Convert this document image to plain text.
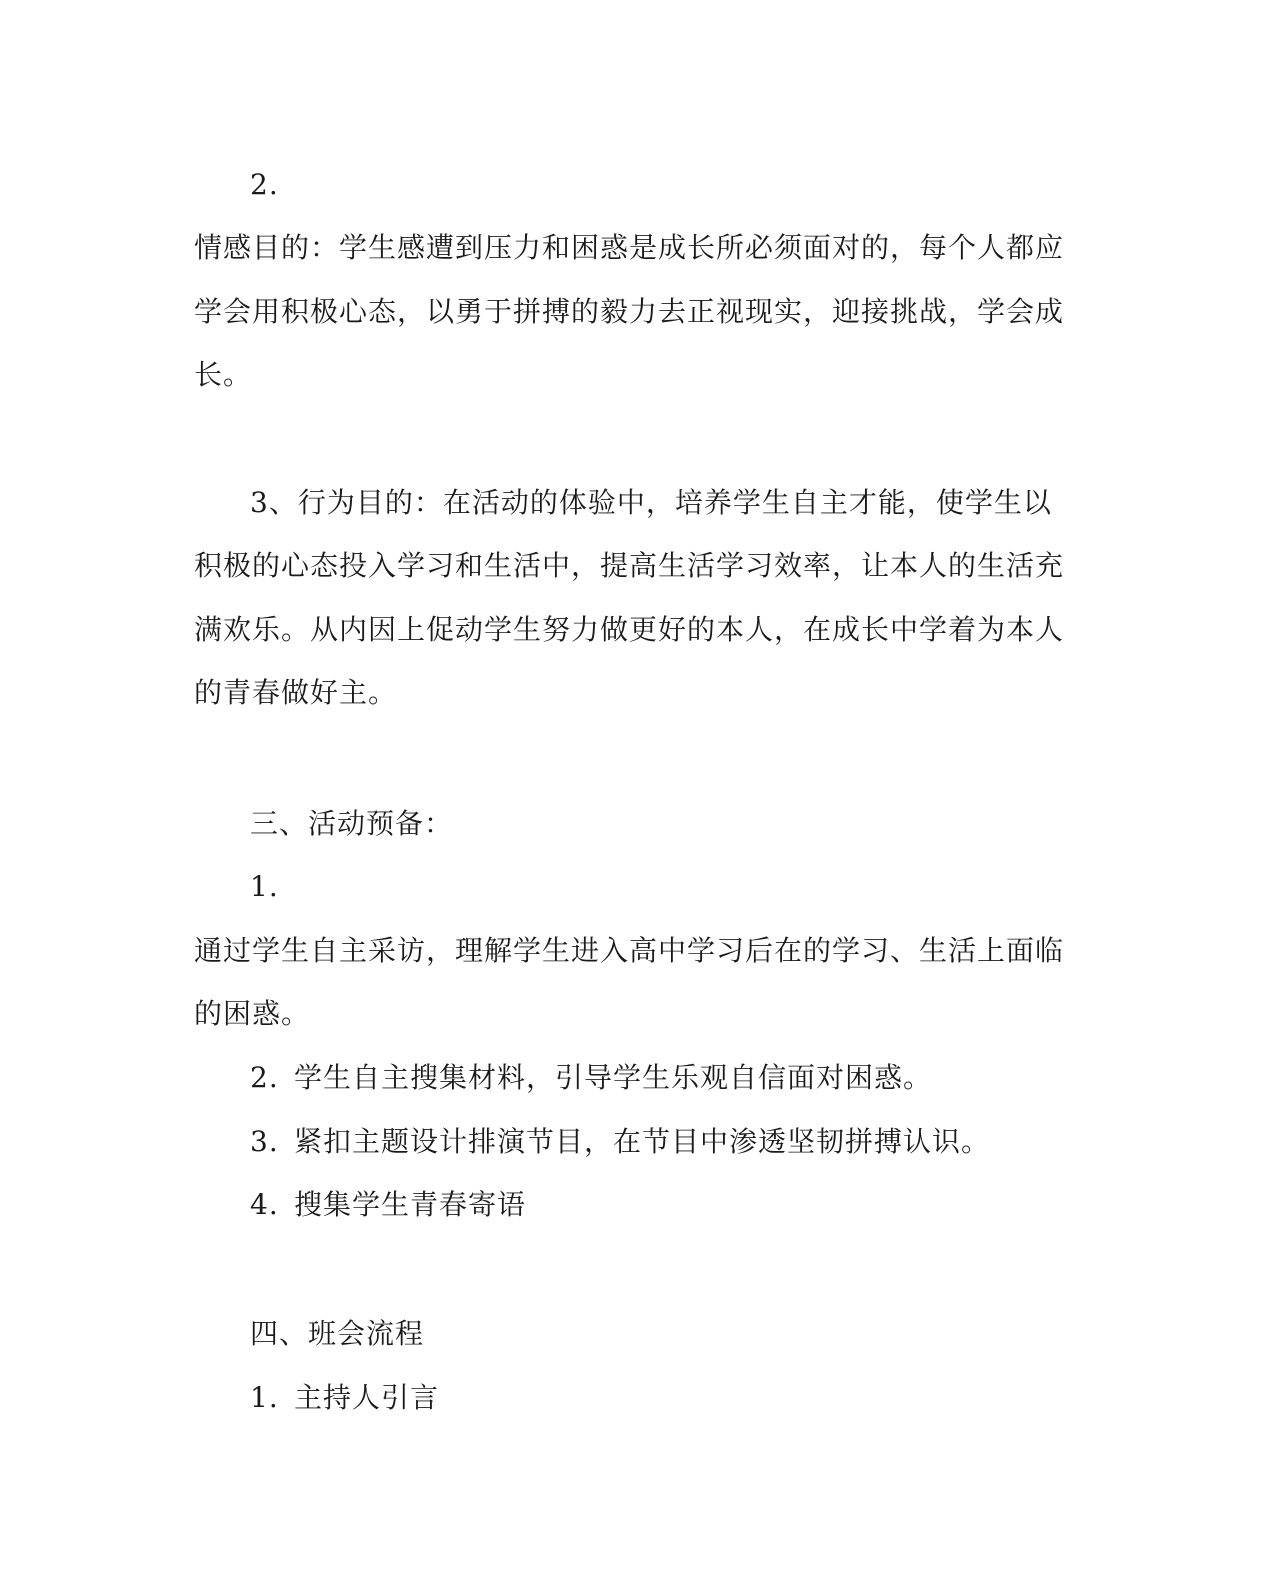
2.
情感目的：学生感遭到压力和困惑是成长所必须面对的，每个人都应
学会用积极心态，以勇于拼搏的毅力去正视现实，迎接挑战，学会成
长。
3、行为目的：在活动的体验中，培养学生自主才能，使学生以
积极的心态投入学习和生活中，提高生活学习效率，让本人的生活充
满欢乐。从内因上促动学生努力做更好的本人，在成长中学着为本人
的青春做好主。
三、活动预备：
1.
通过学生自主采访，理解学生进入高中学习后在的学习、生活上面临
的困惑。
2. 学生自主搜集材料，引导学生乐观自信面对困惑。
3. 紧扣主题设计排演节目，在节目中渗透坚韧拼搏认识。
4. 搜集学生青春寄语
四、班会流程
1. 主持人引言
